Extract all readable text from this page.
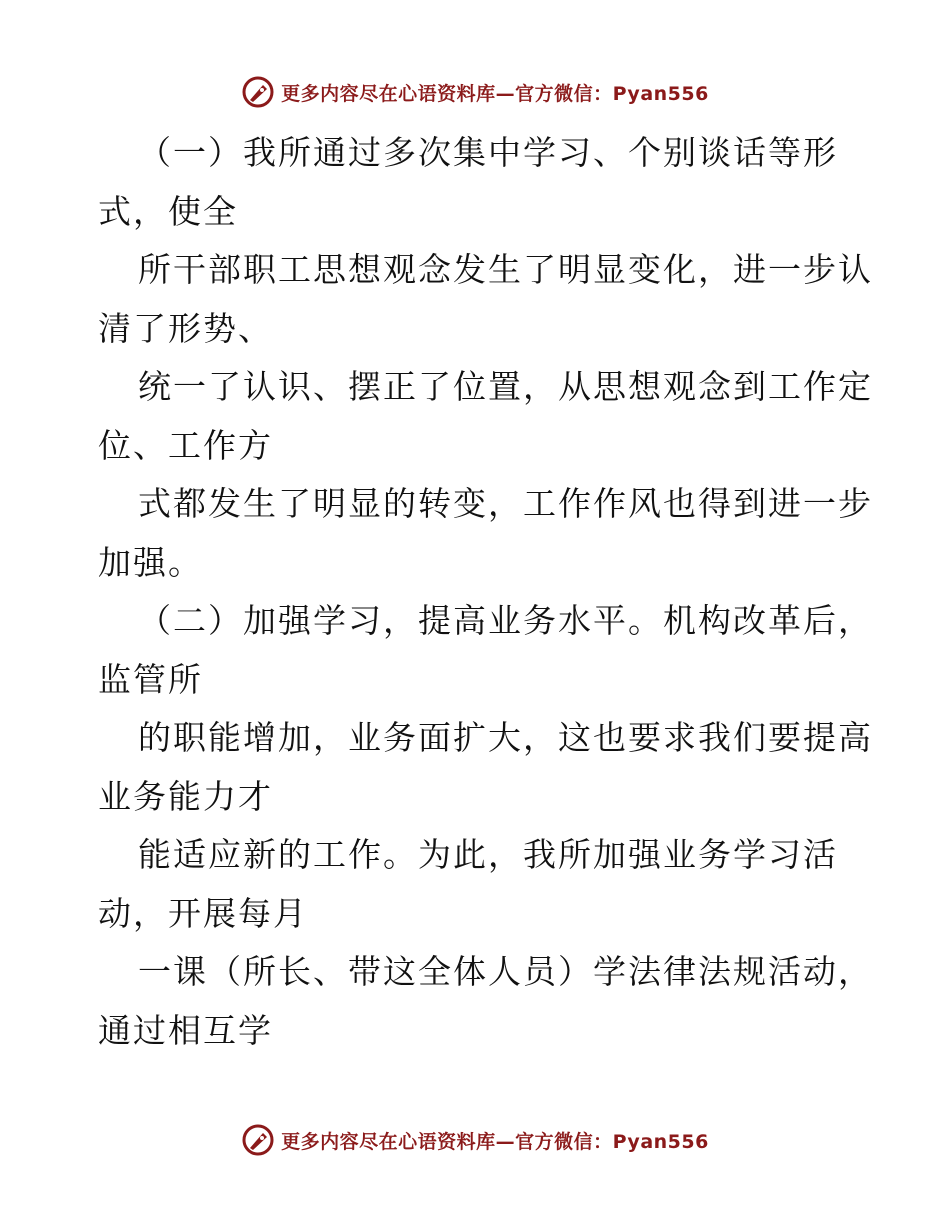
更多内容尽在心语资料库—官方微信：Pyan556
（一）我所通过多次集中学习、个别谈话等形
式，使全
所干部职工思想观念发生了明显变化，进一步认
清了形势、
统一了认识、摆正了位置，从思想观念到工作定
位、工作方
式都发生了明显的转变，工作作风也得到进一步
加强。
（二）加强学习，提高业务水平。机构改革后，
监管所
的职能增加，业务面扩大，这也要求我们要提高
业务能力才
能适应新的工作。为此，我所加强业务学习活
动，开展每月
一课（所长、带这全体人员）学法律法规活动，
通过相互学
更多内容尽在心语资料库—官方微信：Pyan556
